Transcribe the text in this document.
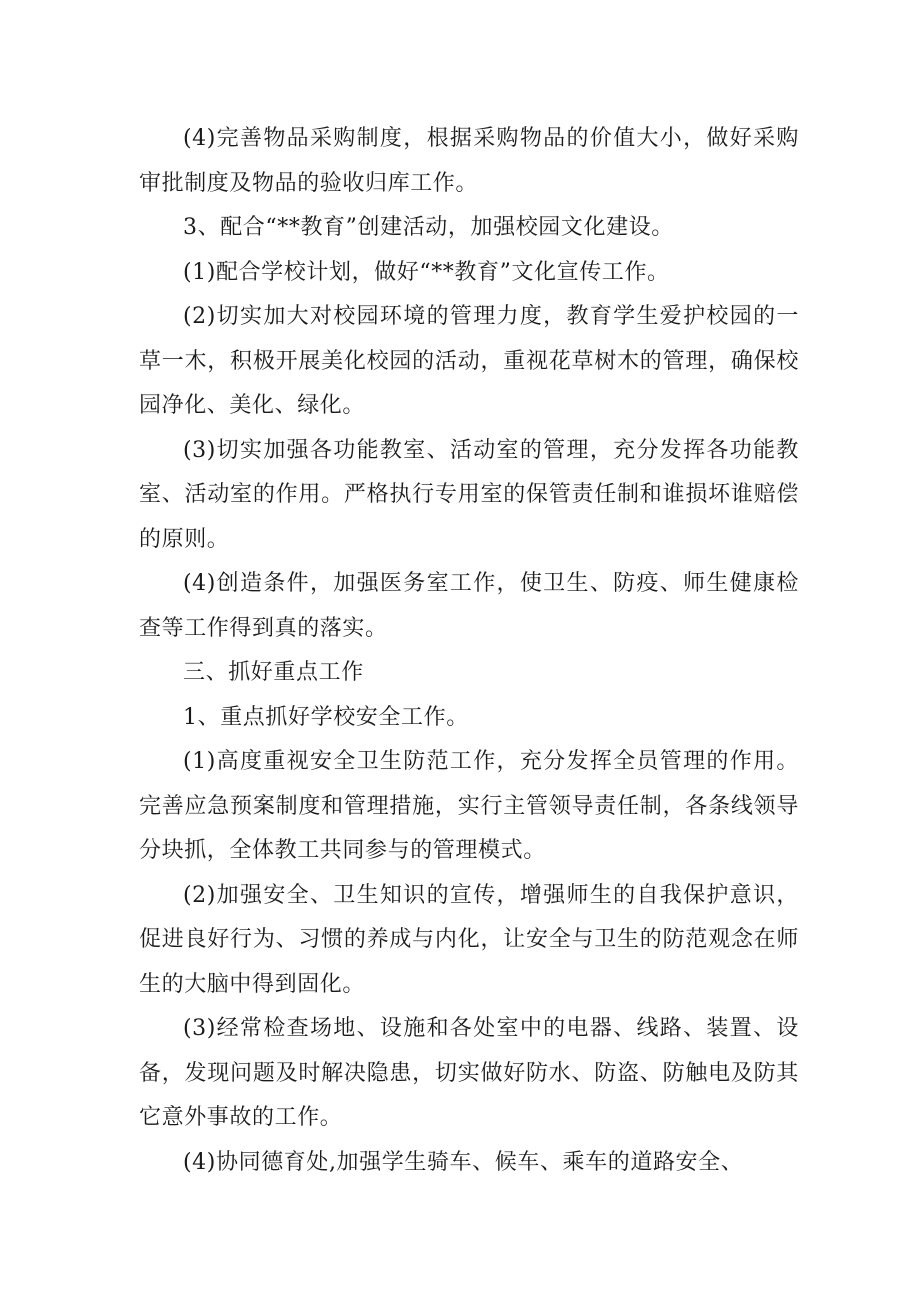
(4)完善物品采购制度，根据采购物品的价值大小，做好采购审批制度及物品的验收归库工作。

3、配合“**教育”创建活动，加强校园文化建设。

(1)配合学校计划，做好“**教育”文化宣传工作。

(2)切实加大对校园环境的管理力度，教育学生爱护校园的一草一木，积极开展美化校园的活动，重视花草树木的管理，确保校园净化、美化、绿化。

(3)切实加强各功能教室、活动室的管理，充分发挥各功能教室、活动室的作用。严格执行专用室的保管责任制和谁损坏谁赔偿的原则。

(4)创造条件，加强医务室工作，使卫生、防疫、师生健康检查等工作得到真的落实。

三、抓好重点工作

1、重点抓好学校安全工作。

(1)高度重视安全卫生防范工作，充分发挥全员管理的作用。完善应急预案制度和管理措施，实行主管领导责任制，各条线领导分块抓，全体教工共同参与的管理模式。

(2)加强安全、卫生知识的宣传，增强师生的自我保护意识，促进良好行为、习惯的养成与内化，让安全与卫生的防范观念在师生的大脑中得到固化。

(3)经常检查场地、设施和各处室中的电器、线路、装置、设备，发现问题及时解决隐患，切实做好防水、防盗、防触电及防其它意外事故的工作。

(4)协同德育处,加强学生骑车、候车、乘车的道路安全、
